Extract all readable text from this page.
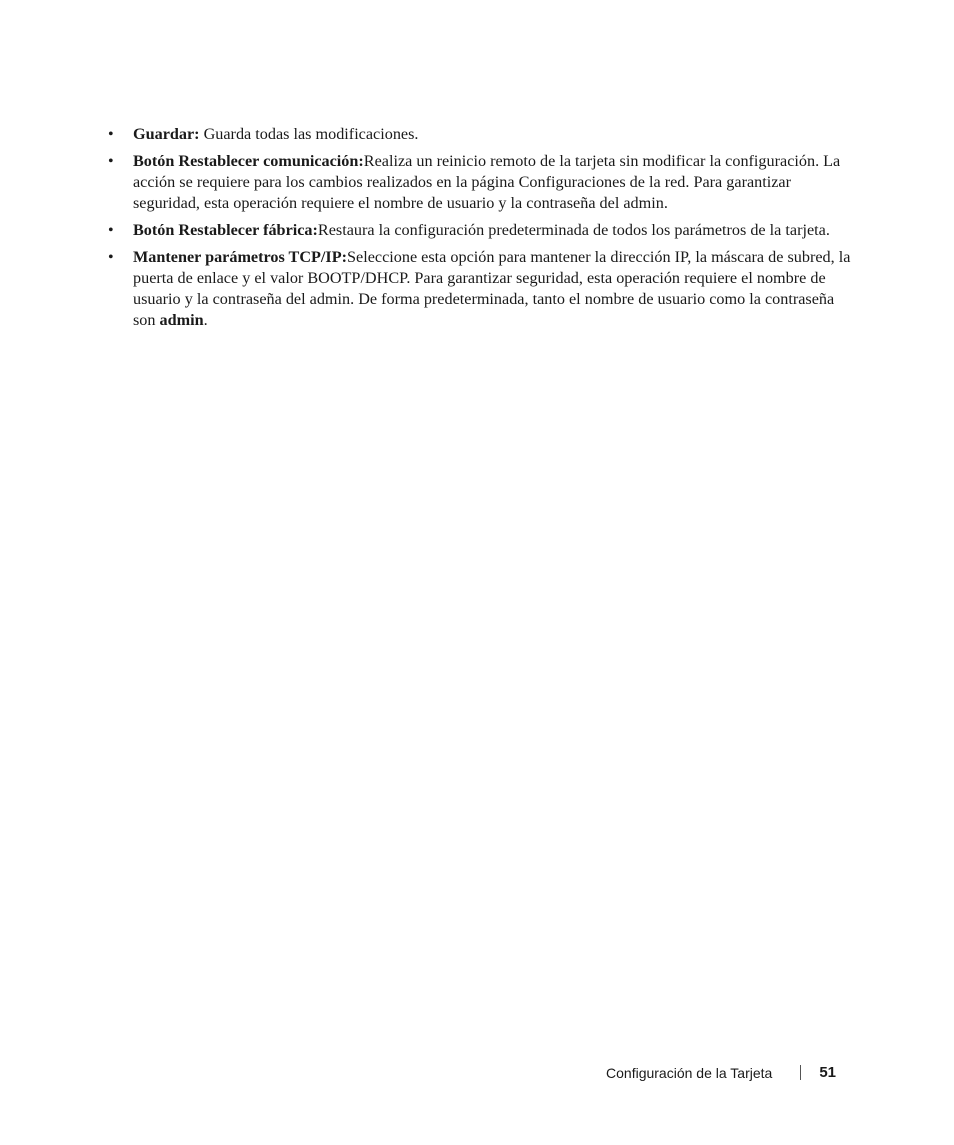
• Guardar: Guarda todas las modificaciones.
• Botón Restablecer comunicación:Realiza un reinicio remoto de la tarjeta sin modificar la configuración. La acción se requiere para los cambios realizados en la página Configuraciones de la red. Para garantizar seguridad, esta operación requiere el nombre de usuario y la contraseña del admin.
• Botón Restablecer fábrica:Restaura la configuración predeterminada de todos los parámetros de la tarjeta.
• Mantener parámetros TCP/IP:Seleccione esta opción para mantener la dirección IP, la máscara de subred, la puerta de enlace y el valor BOOTP/DHCP. Para garantizar seguridad, esta operación requiere el nombre de usuario y la contraseña del admin. De forma predeterminada, tanto el nombre de usuario como la contraseña son admin.
Configuración de la Tarjeta	51
